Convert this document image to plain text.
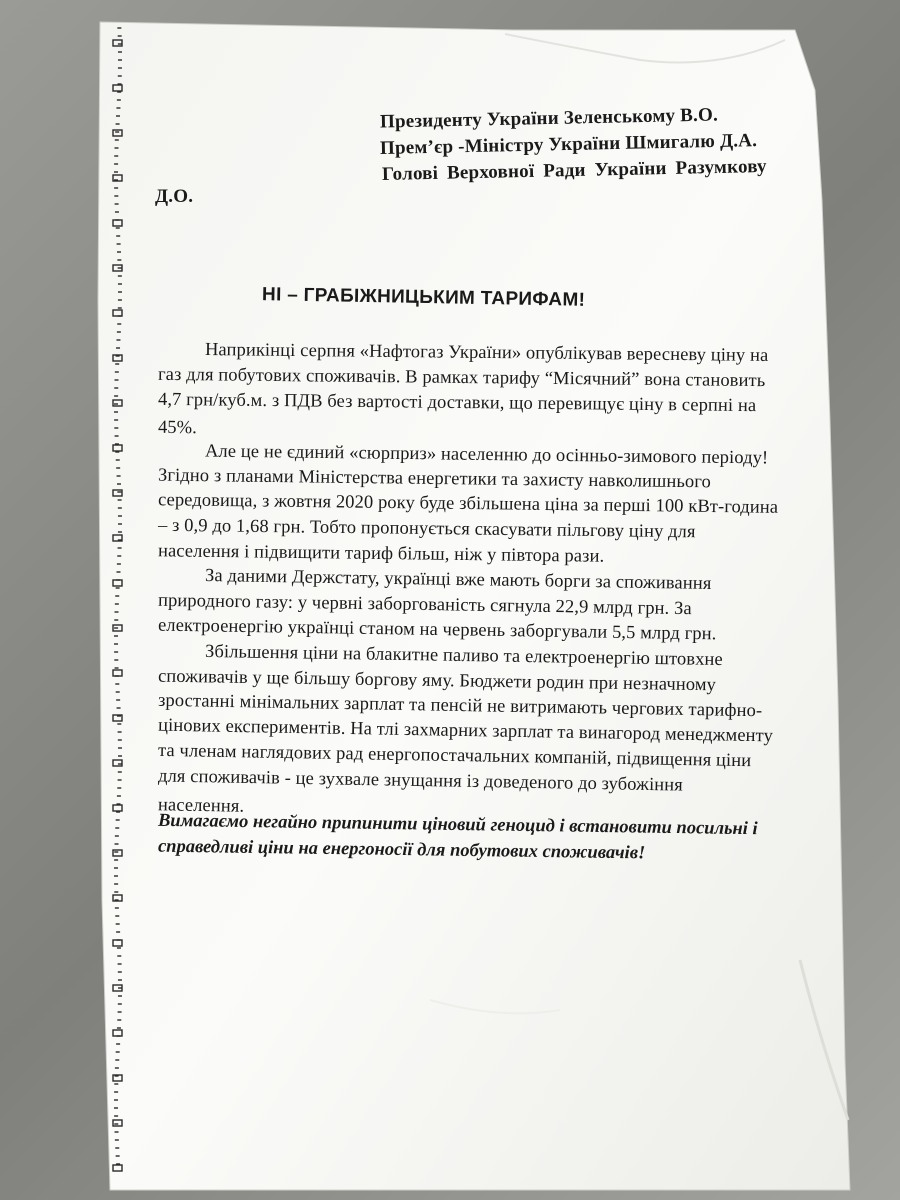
Президенту України Зеленському В.О.
Прем’єр -Міністру України Шмигалю Д.А.
Голові Верховної Ради України Разумкову
Д.О.
НІ – ГРАБІЖНИЦЬКИМ ТАРИФАМ!
Наприкінці серпня «Нафтогаз України» опублікував вересневу ціну на
газ для побутових споживачів. В рамках тарифу “Місячний” вона становить
4,7 грн/куб.м. з ПДВ без вартості доставки, що перевищує ціну в серпні на
45%.
Але це не єдиний «сюрприз» населенню до осінньо-зимового періоду!
Згідно з планами Міністерства енергетики та захисту навколишнього
середовища, з жовтня 2020 року буде збільшена ціна за перші 100 кВт-година
– з 0,9 до 1,68 грн. Тобто пропонується скасувати пільгову ціну для
населення і підвищити тариф більш, ніж у півтора рази.
За даними Держстату, українці вже мають борги за споживання
природного газу: у червні заборгованість сягнула 22,9 млрд грн. За
електроенергію українці станом на червень заборгували 5,5 млрд грн.
Збільшення ціни на блакитне паливо та електроенергію штовхне
споживачів у ще більшу боргову яму. Бюджети родин при незначному
зростанні мінімальних зарплат та пенсій не витримають чергових тарифно-
цінових експериментів. На тлі захмарних зарплат та винагород менеджменту
та членам наглядових рад енергопостачальних компаній, підвищення ціни
для споживачів - це зухвале знущання із доведеного до зубожіння
населення.
Вимагаємо негайно припинити ціновий геноцид і встановити посильні і
справедливі ціни на енергоносії для побутових споживачів!
